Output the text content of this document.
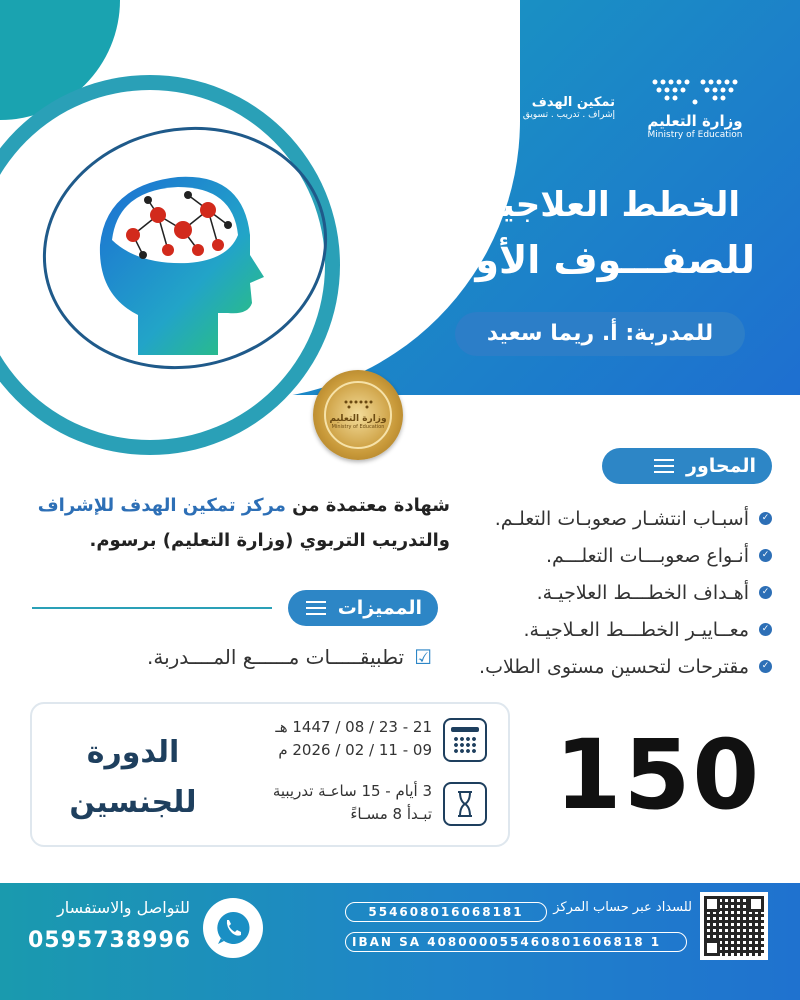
وزارة التعليم
Ministry of Education
تمكين الهدف
إشراف . تدريب . تسويق
الخطط العلاجية
للصفـــوف الأوليـــة
للمدربة: أ. ريما سعيد
وزارة التعليم
Ministry of Education
المحاور
✓
أسبـاب انتشـار صعوبـات التعلـم.
✓
أنـواع صعوبـــات التعلـــم.
✓
أهـداف الخطـــط العلاجيـة.
✓
معــاييـر الخطـــط العـلاجيـة.
✓
مقترحات لتحسين مستوى الطلاب.
شهادة معتمدة من مركز تمكين الهدف للإشراف
والتدريب التربوي (وزارة التعليم) برسوم.
المميزات
☑
تطبيقـــــات مــــــع المــــدربة.
الدورة
للجنسين
21 - 23 / 08 / 1447 هـ
09 - 11 / 02 / 2026 م
3 أيام - 15 ساعـة تدريبية
تبـدأ 8 مسـاءً 150
للتواصل والاستفسار
0595738996
للسداد عبر حساب المركز
554608016068181
IBAN SA 408000055460801606818 1
